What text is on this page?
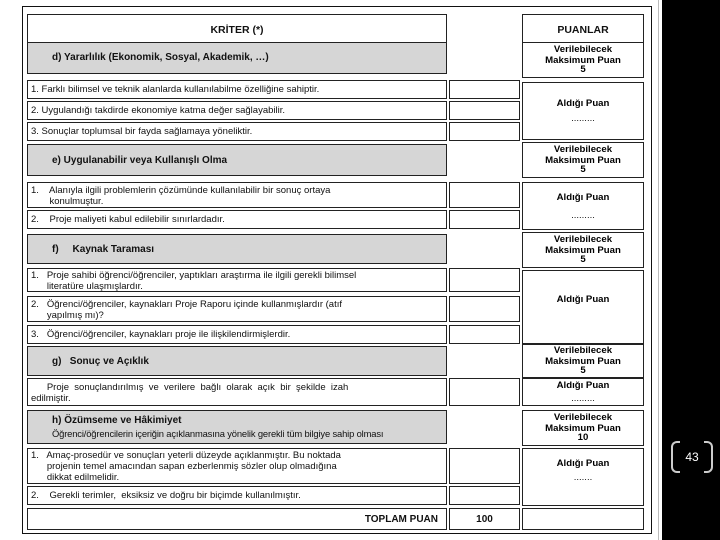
KRİTER (*)	PUANLAR
d) Yararlılık (Ekonomik, Sosyal, Akademik, …)
Verilebilecek
Maksimum Puan
5
1. Farklı bilimsel ve teknik alanlarda kullanılabilme özelliğine sahiptir.
2. Uygulandığı takdirde ekonomiye katma değer sağlayabilir.
3. Sonuçlar toplumsal bir fayda sağlamaya yöneliktir.
Aldığı Puan
.........
e) Uygulanabilir veya Kullanışlı Olma
Verilebilecek
Maksimum Puan
5
1.    Alanıyla ilgili problemlerin çözümünde kullanılabilir bir sonuç ortaya
konulmuştur.
2.    Proje maliyeti kabul edilebilir sınırlardadır.
Aldığı Puan
.........
f)     Kaynak Taraması
Verilebilecek
Maksimum Puan
5
1.   Proje sahibi öğrenci/öğrenciler, yaptıkları araştırma ile ilgili gerekli bilimsel
literatüre ulaşmışlardır.
2.   Öğrenci/öğrenciler, kaynakları Proje Raporu içinde kullanmışlardır (atıf
yapılmış mı)?
3.   Öğrenci/öğrenciler, kaynakları proje ile ilişkilendirmişlerdir.
Aldığı Puan
g)   Sonuç ve Açıklık
Verilebilecek
Maksimum Puan
5
Proje  sonuçlandırılmış  ve  verilere  bağlı  olarak  açık  bir  şekilde  izah
edilmiştir.
Aldığı Puan
.........
h) Özümseme ve Hâkimiyet
Öğrenci/öğrencilerin içeriğin açıklanmasına yönelik gerekli tüm bilgiye sahip olması
Verilebilecek
Maksimum Puan
10
1.   Amaç-prosedür ve sonuçları yeterli düzeyde açıklanmıştır. Bu noktada
projenin temel amacından sapan ezberlenmiş sözler olup olmadığına
dikkat edilmelidir.
2.    Gerekli terimler,  eksiksiz ve doğru bir biçimde kullanılmıştır.
Aldığı Puan
.......
TOPLAM PUAN	100
43
